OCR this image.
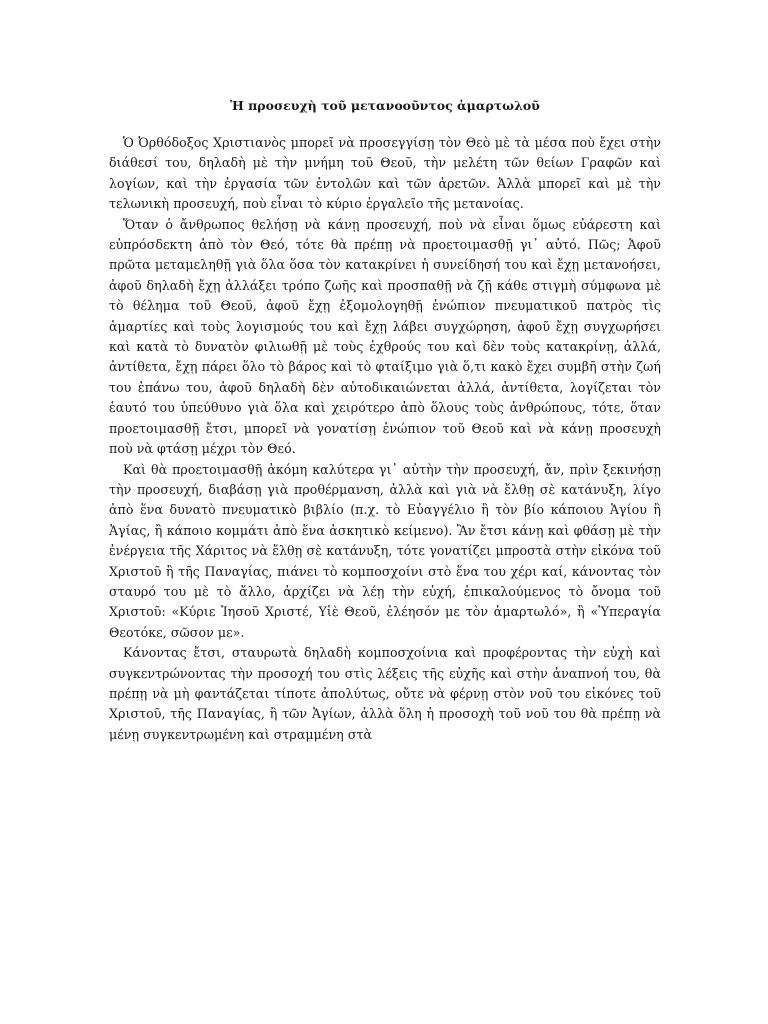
Ἡ προσευχὴ τοῦ μετανοοῦντος ἁμαρτωλοῦ

Ὁ Ὀρθόδοξος Χριστιανὸς μπορεῖ νὰ προσεγγίσῃ τὸν Θεὸ μὲ τὰ μέσα ποὺ ἔχει στὴν διάθεσί του, δηλαδὴ μὲ τὴν μνήμη τοῦ Θεοῦ, τὴν μελέτη τῶν θείων Γραφῶν καὶ λογίων, καὶ τὴν ἐργασία τῶν ἐντολῶν καὶ τῶν ἀρετῶν. Ἀλλὰ μπορεῖ καὶ μὲ τὴν τελωνικὴ προσευχή, ποὺ εἶναι τὸ κύριο ἐργαλεῖο τῆς μετανοίας.

Ὅταν ὁ ἄνθρωπος θελήσῃ νὰ κάνῃ προσευχή, ποὺ νὰ εἶναι ὅμως εὐάρεστη καὶ εὐπρόσδεκτη ἀπὸ τὸν Θεό, τότε θὰ πρέπῃ νὰ προετοιμασθῇ γι᾿ αὐτό. Πῶς; Ἀφοῦ πρῶτα μεταμεληθῇ γιὰ ὅλα ὅσα τὸν κατακρίνει ἡ συνείδησή του καὶ ἔχῃ μετανοήσει, ἀφοῦ δηλαδὴ ἔχῃ ἀλλάξει τρόπο ζωῆς καὶ προσπαθῇ νὰ ζῇ κάθε στιγμὴ σύμφωνα μὲ τὸ θέλημα τοῦ Θεοῦ, ἀφοῦ ἔχῃ ἐξομολογηθῇ ἐνώπιον πνευματικοῦ πατρὸς τὶς ἁμαρτίες καὶ τοὺς λογισμούς του καὶ ἔχῃ λάβει συγχώρηση, ἀφοῦ ἔχῃ συγχωρήσει καὶ κατὰ τὸ δυνατὸν φιλιωθῇ μὲ τοὺς ἐχθρούς του καὶ δὲν τοὺς κατακρίνῃ, ἀλλά, ἀντίθετα, ἔχῃ πάρει ὅλο τὸ βάρος καὶ τὸ φταίξιμο γιὰ ὅ,τι κακὸ ἔχει συμβῆ στὴν ζωή του ἐπάνω του, ἀφοῦ δηλαδὴ δὲν αὐτοδικαιώνεται ἀλλά, ἀντίθετα, λογίζεται τὸν ἑαυτό του ὑπεύθυνο γιὰ ὅλα καὶ χειρότερο ἀπὸ ὅλους τοὺς ἀνθρώπους, τότε, ὅταν προετοιμασθῇ ἔτσι, μπορεῖ νὰ γονατίσῃ ἐνώπιον τοῦ Θεοῦ καὶ νὰ κάνῃ προσευχὴ ποὺ νὰ φτάσῃ μέχρι τὸν Θεό.

Καὶ θὰ προετοιμασθῇ ἀκόμη καλύτερα γι᾿ αὐτὴν τὴν προσευχή, ἄν, πρὶν ξεκινήσῃ τὴν προσευχή, διαβάσῃ γιὰ προθέρμανση, ἀλλὰ καὶ γιὰ νὰ ἔλθῃ σὲ κατάνυξη, λίγο ἀπὸ ἕνα δυνατὸ πνευματικὸ βιβλίο (π.χ. τὸ Εὐαγγέλιο ἢ τὸν βίο κάποιου Ἁγίου ἢ Ἁγίας, ἢ κάποιο κομμάτι ἀπὸ ἕνα ἀσκητικὸ κείμενο). Ἂν ἔτσι κάνῃ καὶ φθάσῃ μὲ τὴν ἐνέργεια τῆς Χάριτος νὰ ἔλθῃ σὲ κατάνυξη, τότε γονατίζει μπροστὰ στὴν εἰκόνα τοῦ Χριστοῦ ἢ τῆς Παναγίας, πιάνει τὸ κομποσχοίνι στὸ ἕνα του χέρι καί, κάνοντας τὸν σταυρό του μὲ τὸ ἄλλο, ἀρχίζει νὰ λέῃ τὴν εὐχή, ἐπικαλούμενος τὸ ὄνομα τοῦ Χριστοῦ: «Κύριε Ἰησοῦ Χριστέ, Υἱὲ Θεοῦ, ἐλέησόν με τὸν ἁμαρτωλό», ἢ «Ὑπεραγία Θεοτόκε, σῶσον με».

Κάνοντας ἔτσι, σταυρωτὰ δηλαδὴ κομποσχοίνια καὶ προφέροντας τὴν εὐχὴ καὶ συγκεντρώνοντας τὴν προσοχή του στὶς λέξεις τῆς εὐχῆς καὶ στὴν ἀναπνοή του, θὰ πρέπῃ νὰ μὴ φαντάζεται τίποτε ἀπολύτως, οὔτε νὰ φέρνῃ στὸν νοῦ του εἰκόνες τοῦ Χριστοῦ, τῆς Παναγίας, ἢ τῶν Ἁγίων, ἀλλὰ ὅλη ἡ προσοχὴ τοῦ νοῦ του θὰ πρέπῃ νὰ μένῃ συγκεντρωμένη καὶ στραμμένη στὰ
